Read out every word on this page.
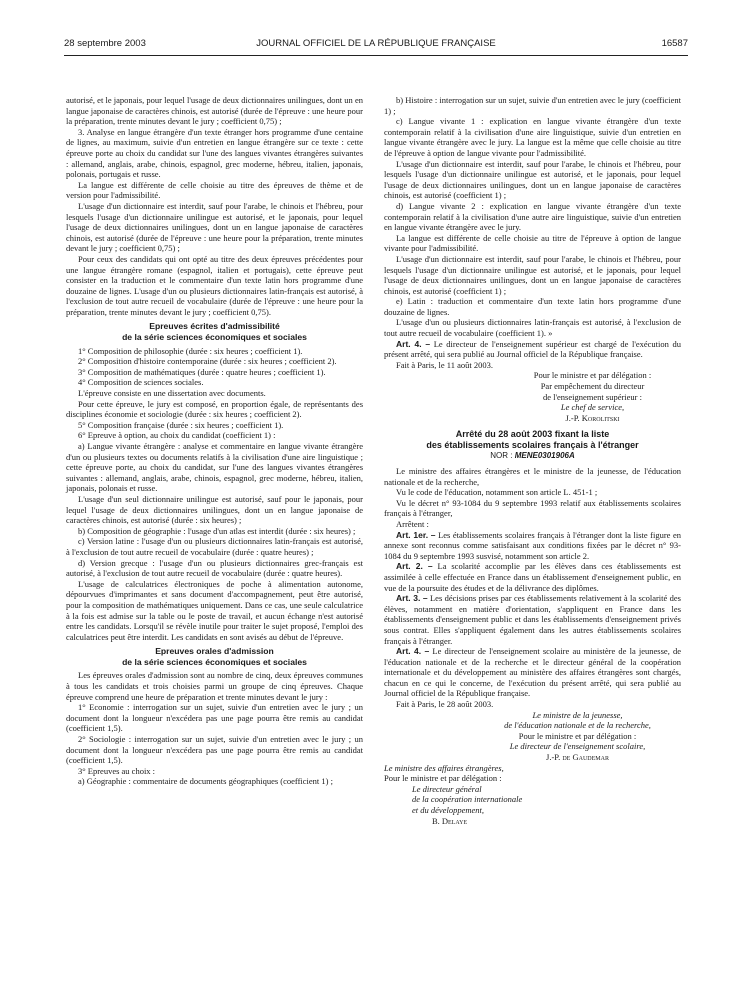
28 septembre 2003	JOURNAL OFFICIEL DE LA RÉPUBLIQUE FRANÇAISE	16587

autorisé, et le japonais, pour lequel l'usage de deux dictionnaires unilingues, dont un en langue japonaise de caractères chinois, est autorisé (durée de l'épreuve : une heure pour la préparation, trente minutes devant le jury ; coefficient 0,75) ;

3. Analyse en langue étrangère d'un texte étranger hors programme d'une centaine de lignes, au maximum, suivie d'un entretien en langue étrangère sur ce texte : cette épreuve porte au choix du candidat sur l'une des langues vivantes étrangères suivantes : allemand, anglais, arabe, chinois, espagnol, grec moderne, hébreu, italien, japonais, polonais, portugais et russe.

La langue est différente de celle choisie au titre des épreuves de thème et de version pour l'admissibilité.

L'usage d'un dictionnaire est interdit, sauf pour l'arabe, le chinois et l'hébreu, pour lesquels l'usage d'un dictionnaire unilingue est autorisé, et le japonais, pour lequel l'usage de deux dictionnaires unilingues, dont un en langue japonaise de caractères chinois, est autorisé (durée de l'épreuve : une heure pour la préparation, trente minutes devant le jury ; coefficient 0,75) ;

Pour ceux des candidats qui ont opté au titre des deux épreuves précédentes pour une langue étrangère romane (espagnol, italien et portugais), cette épreuve peut consister en la traduction et le commentaire d'un texte latin hors programme d'une douzaine de lignes. L'usage d'un ou plusieurs dictionnaires latin-français est autorisé, à l'exclusion de tout autre recueil de vocabulaire (durée de l'épreuve : une heure pour la préparation, trente minutes devant le jury ; coefficient 0,75).

Epreuves écrites d'admissibilité
de la série sciences économiques et sociales

1° Composition de philosophie (durée : six heures ; coefficient 1).

2° Composition d'histoire contemporaine (durée : six heures ; coefficient 2).

3° Composition de mathématiques (durée : quatre heures ; coefficient 1).

4° Composition de sciences sociales.

L'épreuve consiste en une dissertation avec documents.

Pour cette épreuve, le jury est composé, en proportion égale, de représentants des disciplines économie et sociologie (durée : six heures ; coefficient 2).

5° Composition française (durée : six heures ; coefficient 1).

6° Epreuve à option, au choix du candidat (coefficient 1) :

a) Langue vivante étrangère : analyse et commentaire en langue vivante étrangère d'un ou plusieurs textes ou documents relatifs à la civilisation d'une aire linguistique ; cette épreuve porte, au choix du candidat, sur l'une des langues vivantes étrangères suivantes : allemand, anglais, arabe, chinois, espagnol, grec moderne, hébreu, italien, japonais, polonais et russe.

L'usage d'un seul dictionnaire unilingue est autorisé, sauf pour le japonais, pour lequel l'usage de deux dictionnaires unilingues, dont un en langue japonaise de caractères chinois, est autorisé (durée : six heures) ;

b) Composition de géographie : l'usage d'un atlas est interdit (durée : six heures) ;

c) Version latine : l'usage d'un ou plusieurs dictionnaires latin-français est autorisé, à l'exclusion de tout autre recueil de vocabulaire (durée : quatre heures) ;

d) Version grecque : l'usage d'un ou plusieurs dictionnaires grec-français est autorisé, à l'exclusion de tout autre recueil de vocabulaire (durée : quatre heures).

L'usage de calculatrices électroniques de poche à alimentation autonome, dépourvues d'imprimantes et sans document d'accompagnement, peut être autorisé, pour la composition de mathématiques uniquement. Dans ce cas, une seule calculatrice à la fois est admise sur la table ou le poste de travail, et aucun échange n'est autorisé entre les candidats. Lorsqu'il se révèle inutile pour traiter le sujet proposé, l'emploi des calculatrices peut être interdit. Les candidats en sont avisés au début de l'épreuve.

Epreuves orales d'admission
de la série sciences économiques et sociales

Les épreuves orales d'admission sont au nombre de cinq, deux épreuves communes à tous les candidats et trois choisies parmi un groupe de cinq épreuves. Chaque épreuve comprend une heure de préparation et trente minutes devant le jury :

1° Economie : interrogation sur un sujet, suivie d'un entretien avec le jury ; un document dont la longueur n'excédera pas une page pourra être remis au candidat (coefficient 1,5).

2° Sociologie : interrogation sur un sujet, suivie d'un entretien avec le jury ; un document dont la longueur n'excédera pas une page pourra être remis au candidat (coefficient 1,5).

3° Epreuves au choix :

a) Géographie : commentaire de documents géographiques (coefficient 1) ;

b) Histoire : interrogation sur un sujet, suivie d'un entretien avec le jury (coefficient 1) ;

c) Langue vivante 1 : explication en langue vivante étrangère d'un texte contemporain relatif à la civilisation d'une aire linguistique, suivie d'un entretien en langue vivante étrangère avec le jury. La langue est la même que celle choisie au titre de l'épreuve à option de langue vivante pour l'admissibilité.

L'usage d'un dictionnaire est interdit, sauf pour l'arabe, le chinois et l'hébreu, pour lesquels l'usage d'un dictionnaire unilingue est autorisé, et le japonais, pour lequel l'usage de deux dictionnaires unilingues, dont un en langue japonaise de caractères chinois, est autorisé (coefficient 1) ;

d) Langue vivante 2 : explication en langue vivante étrangère d'un texte contemporain relatif à la civilisation d'une autre aire linguistique, suivie d'un entretien en langue vivante étrangère avec le jury.

La langue est différente de celle choisie au titre de l'épreuve à option de langue vivante pour l'admissibilité.

L'usage d'un dictionnaire est interdit, sauf pour l'arabe, le chinois et l'hébreu, pour lesquels l'usage d'un dictionnaire unilingue est autorisé, et le japonais, pour lequel l'usage de deux dictionnaires unilingues, dont un en langue japonaise de caractères chinois, est autorisé (coefficient 1) ;

e) Latin : traduction et commentaire d'un texte latin hors programme d'une douzaine de lignes.

L'usage d'un ou plusieurs dictionnaires latin-français est autorisé, à l'exclusion de tout autre recueil de vocabulaire (coefficient 1). »

Art. 4. – Le directeur de l'enseignement supérieur est chargé de l'exécution du présent arrêté, qui sera publié au Journal officiel de la République française.

Fait à Paris, le 11 août 2003.

Pour le ministre et par délégation :
Par empêchement du directeur
de l'enseignement supérieur :
Le chef de service,
J.-P. Korolitski

Arrêté du 28 août 2003 fixant la liste
des établissements scolaires français à l'étranger

NOR : MENE0301906A

Le ministre des affaires étrangères et le ministre de la jeunesse, de l'éducation nationale et de la recherche,

Vu le code de l'éducation, notamment son article L. 451-1 ;

Vu le décret n° 93-1084 du 9 septembre 1993 relatif aux établissements scolaires français à l'étranger,

Arrêtent :

Art. 1er. – Les établissements scolaires français à l'étranger dont la liste figure en annexe sont reconnus comme satisfaisant aux conditions fixées par le décret n° 93-1084 du 9 septembre 1993 susvisé, notamment son article 2.

Art. 2. – La scolarité accomplie par les élèves dans ces établissements est assimilée à celle effectuée en France dans un établissement d'enseignement public, en vue de la poursuite des études et de la délivrance des diplômes.

Art. 3. – Les décisions prises par ces établissements relativement à la scolarité des élèves, notamment en matière d'orientation, s'appliquent en France dans les établissements d'enseignement public et dans les établissements d'enseignement privés sous contrat. Elles s'appliquent également dans les autres établissements scolaires français à l'étranger.

Art. 4. – Le directeur de l'enseignement scolaire au ministère de la jeunesse, de l'éducation nationale et de la recherche et le directeur général de la coopération internationale et du développement au ministère des affaires étrangères sont chargés, chacun en ce qui le concerne, de l'exécution du présent arrêté, qui sera publié au Journal officiel de la République française.

Fait à Paris, le 28 août 2003.

Le ministre de la jeunesse,
de l'éducation nationale et de la recherche,
Pour le ministre et par délégation :
Le directeur de l'enseignement scolaire,
J.-P. de Gaudemar
Le ministre des affaires étrangères,
Pour le ministre et par délégation :
Le directeur général
de la coopération internationale
et du développement,
B. Delaye
